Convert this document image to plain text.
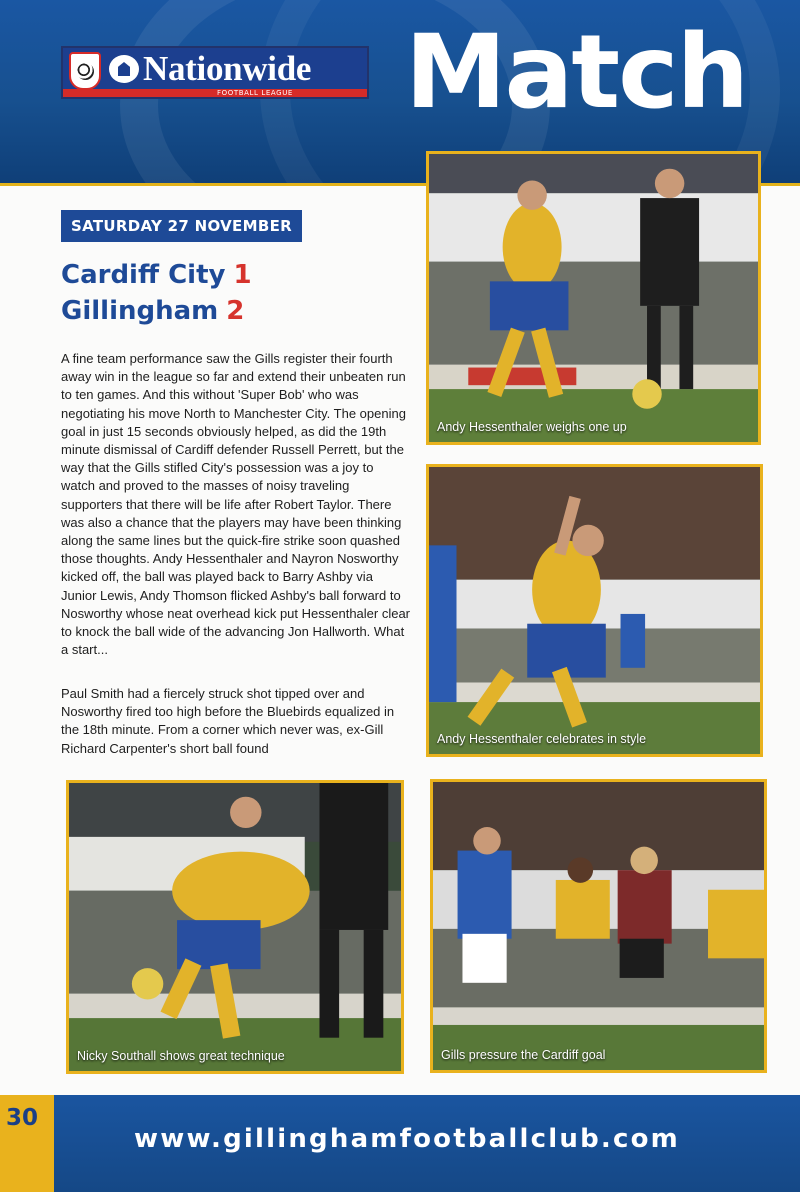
Nationwide
FOOTBALL LEAGUE	Match
SATURDAY 27 NOVEMBER
Cardiff City 1
Gillingham 2

A fine team performance saw the Gills register their fourth away win in the league so far and extend their unbeaten run to ten games. And this without 'Super Bob' who was negotiating his move North to Manchester City. The opening goal in just 15 seconds obviously helped, as did the 19th minute dismissal of Cardiff defender Russell Perrett, but the way that the Gills stifled City's possession was a joy to watch and proved to the masses of noisy traveling supporters that there will be life after Robert Taylor. There was also a chance that the players may have been thinking along the same lines but the quick-fire strike soon quashed those thoughts. Andy Hessenthaler and Nayron Nosworthy kicked off, the ball was played back to Barry Ashby via Junior Lewis, Andy Thomson flicked Ashby's ball forward to Nosworthy whose neat overhead kick put Hessenthaler clear to knock the ball wide of the advancing Jon Hallworth. What a start...

Paul Smith had a fiercely struck shot tipped over and Nosworthy fired too high before the Bluebirds equalized in the 18th minute. From a corner which never was, ex-Gill Richard Carpenter's short ball found

Andy Hessenthaler weighs one up
Andy Hessenthaler celebrates in style
Nicky Southall shows great technique	Gills pressure the Cardiff goal
30
www.gillinghamfootballclub.com
